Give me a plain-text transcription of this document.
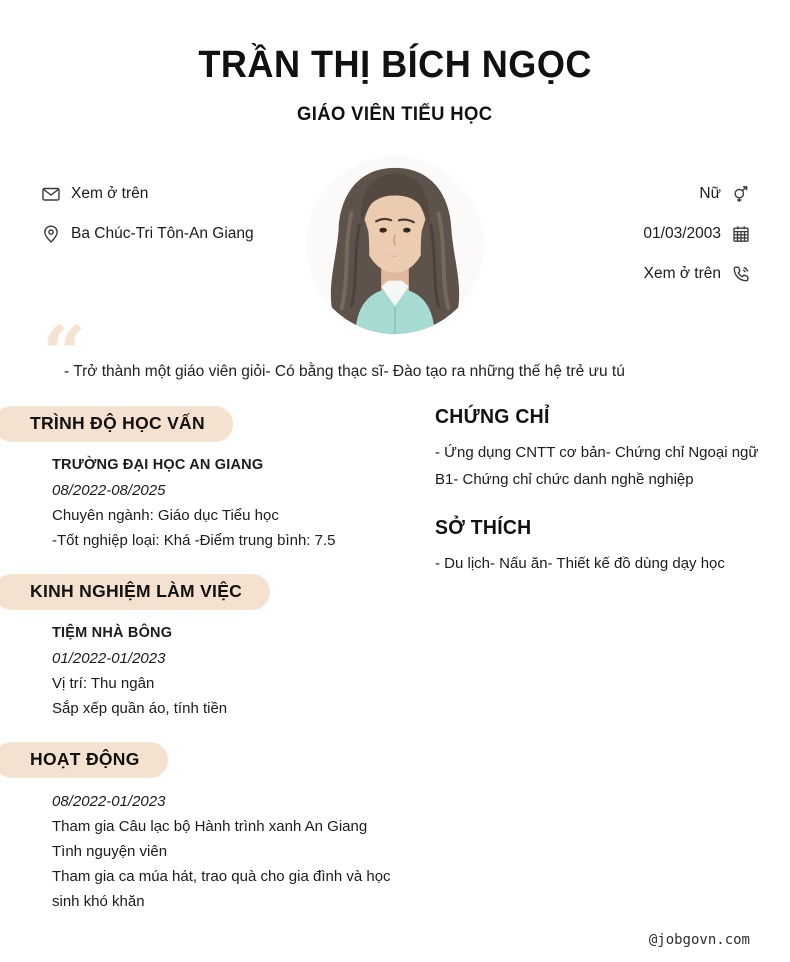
TRẦN THỊ BÍCH NGỌC
GIÁO VIÊN TIỂU HỌC
Xem ở trên
Ba Chúc-Tri Tôn-An Giang
Nữ
01/03/2003
Xem ở trên
“
- Trở thành một giáo viên giỏi- Có bằng thạc sĩ- Đào tạo ra những thế hệ trẻ ưu tú
TRÌNH ĐỘ HỌC VẤN

TRƯỜNG ĐẠI HỌC AN GIANG

08/2022-08/2025

Chuyên ngành: Giáo dục Tiểu học

-Tốt nghiệp loại: Khá -Điểm trung bình: 7.5

KINH NGHIỆM LÀM VIỆC

TIỆM NHÀ BÔNG

01/2022-01/2023

Vị trí: Thu ngân

Sắp xếp quần áo, tính tiền

HOẠT ĐỘNG

08/2022-01/2023

Tham gia Câu lạc bộ Hành trình xanh An Giang

Tình nguyện viên

Tham gia ca múa hát, trao quà cho gia đình và học sinh khó khăn

CHỨNG CHỈ
- Ứng dụng CNTT cơ bản- Chứng chỉ Ngoại ngữ B1- Chứng chỉ chức danh nghề nghiệp
SỞ THÍCH
- Du lịch- Nấu ăn- Thiết kế đồ dùng dạy học
@jobgovn.com
